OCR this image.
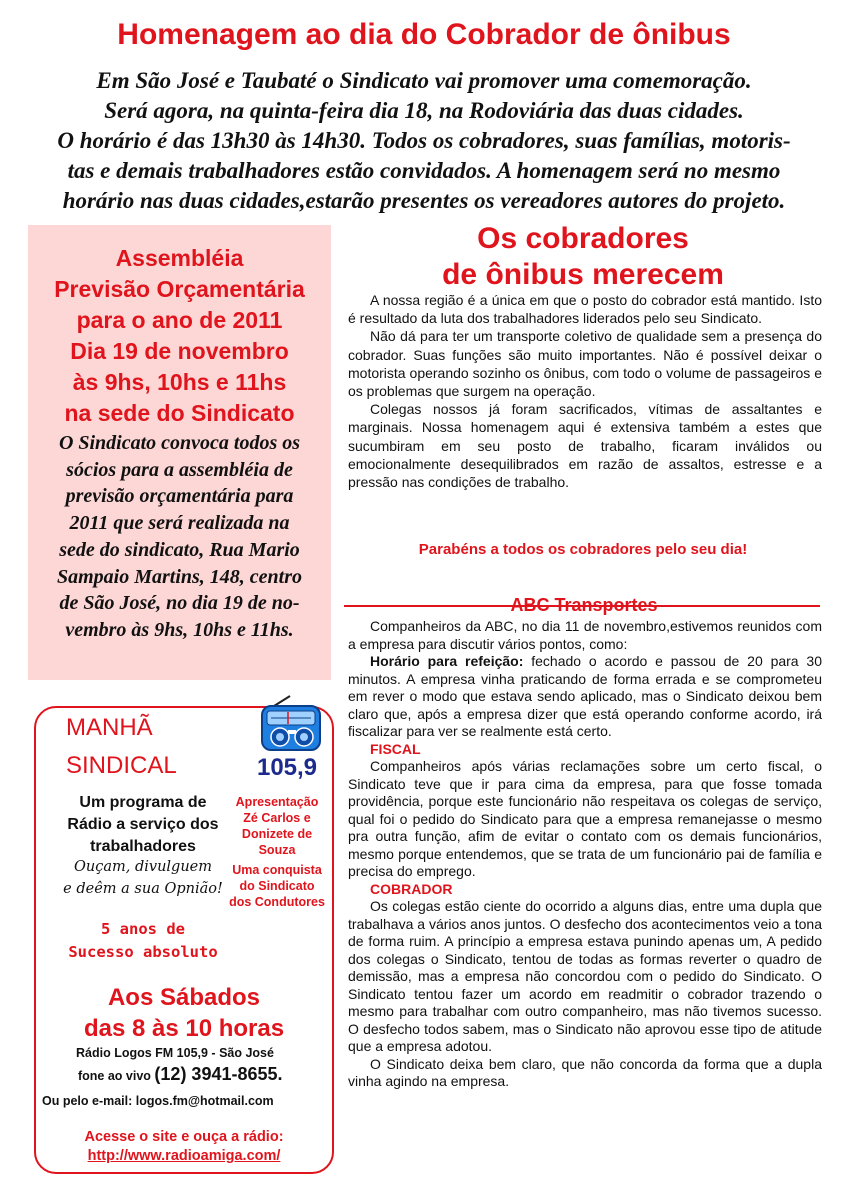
Homenagem ao dia do Cobrador de ônibus
Em São José e Taubaté o Sindicato vai promover uma comemoração.
Será agora, na quinta-feira dia 18, na Rodoviária das duas cidades.
O horário é das 13h30 às 14h30. Todos os cobradores, suas famílias, motoris-
tas e demais trabalhadores estão convidados. A homenagem será no mesmo
horário nas duas cidades,estarão presentes os vereadores autores do projeto.
Assembléia
Previsão Orçamentária
para o ano de 2011
Dia 19 de novembro
às 9hs, 10hs e 11hs
na sede do Sindicato
O Sindicato convoca todos os
sócios para a assembléia de
previsão orçamentária para
2011 que será realizada na
sede do sindicato, Rua Mario
Sampaio Martins, 148, centro
de São José, no dia 19 de no-
vembro às 9hs, 10hs e 11hs.
MANHÃ
SINDICAL	105,9
Um programa de
Rádio a serviço dos
trabalhadores
Ouçam, divulguem
e deêm a sua Opnião!
Apresentação
Zé Carlos e
Donizete de Souza
Uma conquista
do Sindicato
dos Condutores
5 anos de
Sucesso absoluto
Aos Sábados
das 8 às 10 horas
Rádio Logos FM 105,9 - São José
fone ao vivo (12) 3941-8655.
Ou pelo e-mail: logos.fm@hotmail.com
Acesse o site e ouça a rádio:
http://www.radioamiga.com/
Os cobradores
de ônibus merecem

A nossa região é a única em que o posto do cobrador está mantido. Isto é resultado da luta dos trabalhadores liderados pelo seu Sindicato.

Não dá para ter um transporte coletivo de qualidade sem a presença do cobrador. Suas funções são muito importantes. Não é possível deixar o motorista operando sozinho os ônibus, com todo o volume de passageiros e os problemas que surgem na operação.

Colegas nossos já foram sacrificados, vítimas de assaltantes e marginais. Nossa homenagem aqui é extensiva também a estes que sucumbiram em seu posto de trabalho, ficaram inválidos ou emocionalmente desequilibrados em razão de assaltos, estresse e a pressão nas condições de trabalho.

Parabéns a todos os cobradores pelo seu dia!
ABC Transportes

Companheiros da ABC, no dia 11 de novembro,estivemos reunidos com a empresa para discutir vários pontos, como:

Horário para refeição: fechado o acordo e passou de 20 para 30 minutos. A empresa vinha praticando de forma errada e se comprometeu em rever o modo que estava sendo aplicado, mas o Sindicato deixou bem claro que, após a empresa dizer que está operando conforme acordo, irá fiscalizar para ver se realmente está certo.

FISCAL

Companheiros após várias reclamações sobre um certo fiscal, o Sindicato teve que ir para cima da empresa, para que fosse tomada providência, porque este funcionário não respeitava os colegas de serviço, qual foi o pedido do Sindicato para que a empresa remanejasse o mesmo pra outra função, afim de evitar o contato com os demais funcionários, mesmo porque entendemos, que se trata de um funcionário pai de família e precisa do emprego.

COBRADOR

Os colegas estão ciente do ocorrido a alguns dias, entre uma dupla que trabalhava a vários anos juntos. O desfecho dos acontecimentos veio a tona de forma ruim. A princípio a empresa estava punindo apenas um, A pedido dos colegas o Sindicato, tentou de todas as formas reverter o quadro de demissão, mas a empresa não concordou com o pedido do Sindicato. O Sindicato tentou fazer um acordo em readmitir o cobrador trazendo o mesmo para trabalhar com outro companheiro, mas não tivemos sucesso. O desfecho todos sabem, mas o Sindicato não aprovou esse tipo de atitude que a empresa adotou.

O Sindicato deixa bem claro, que não concorda da forma que a dupla vinha agindo na empresa.
